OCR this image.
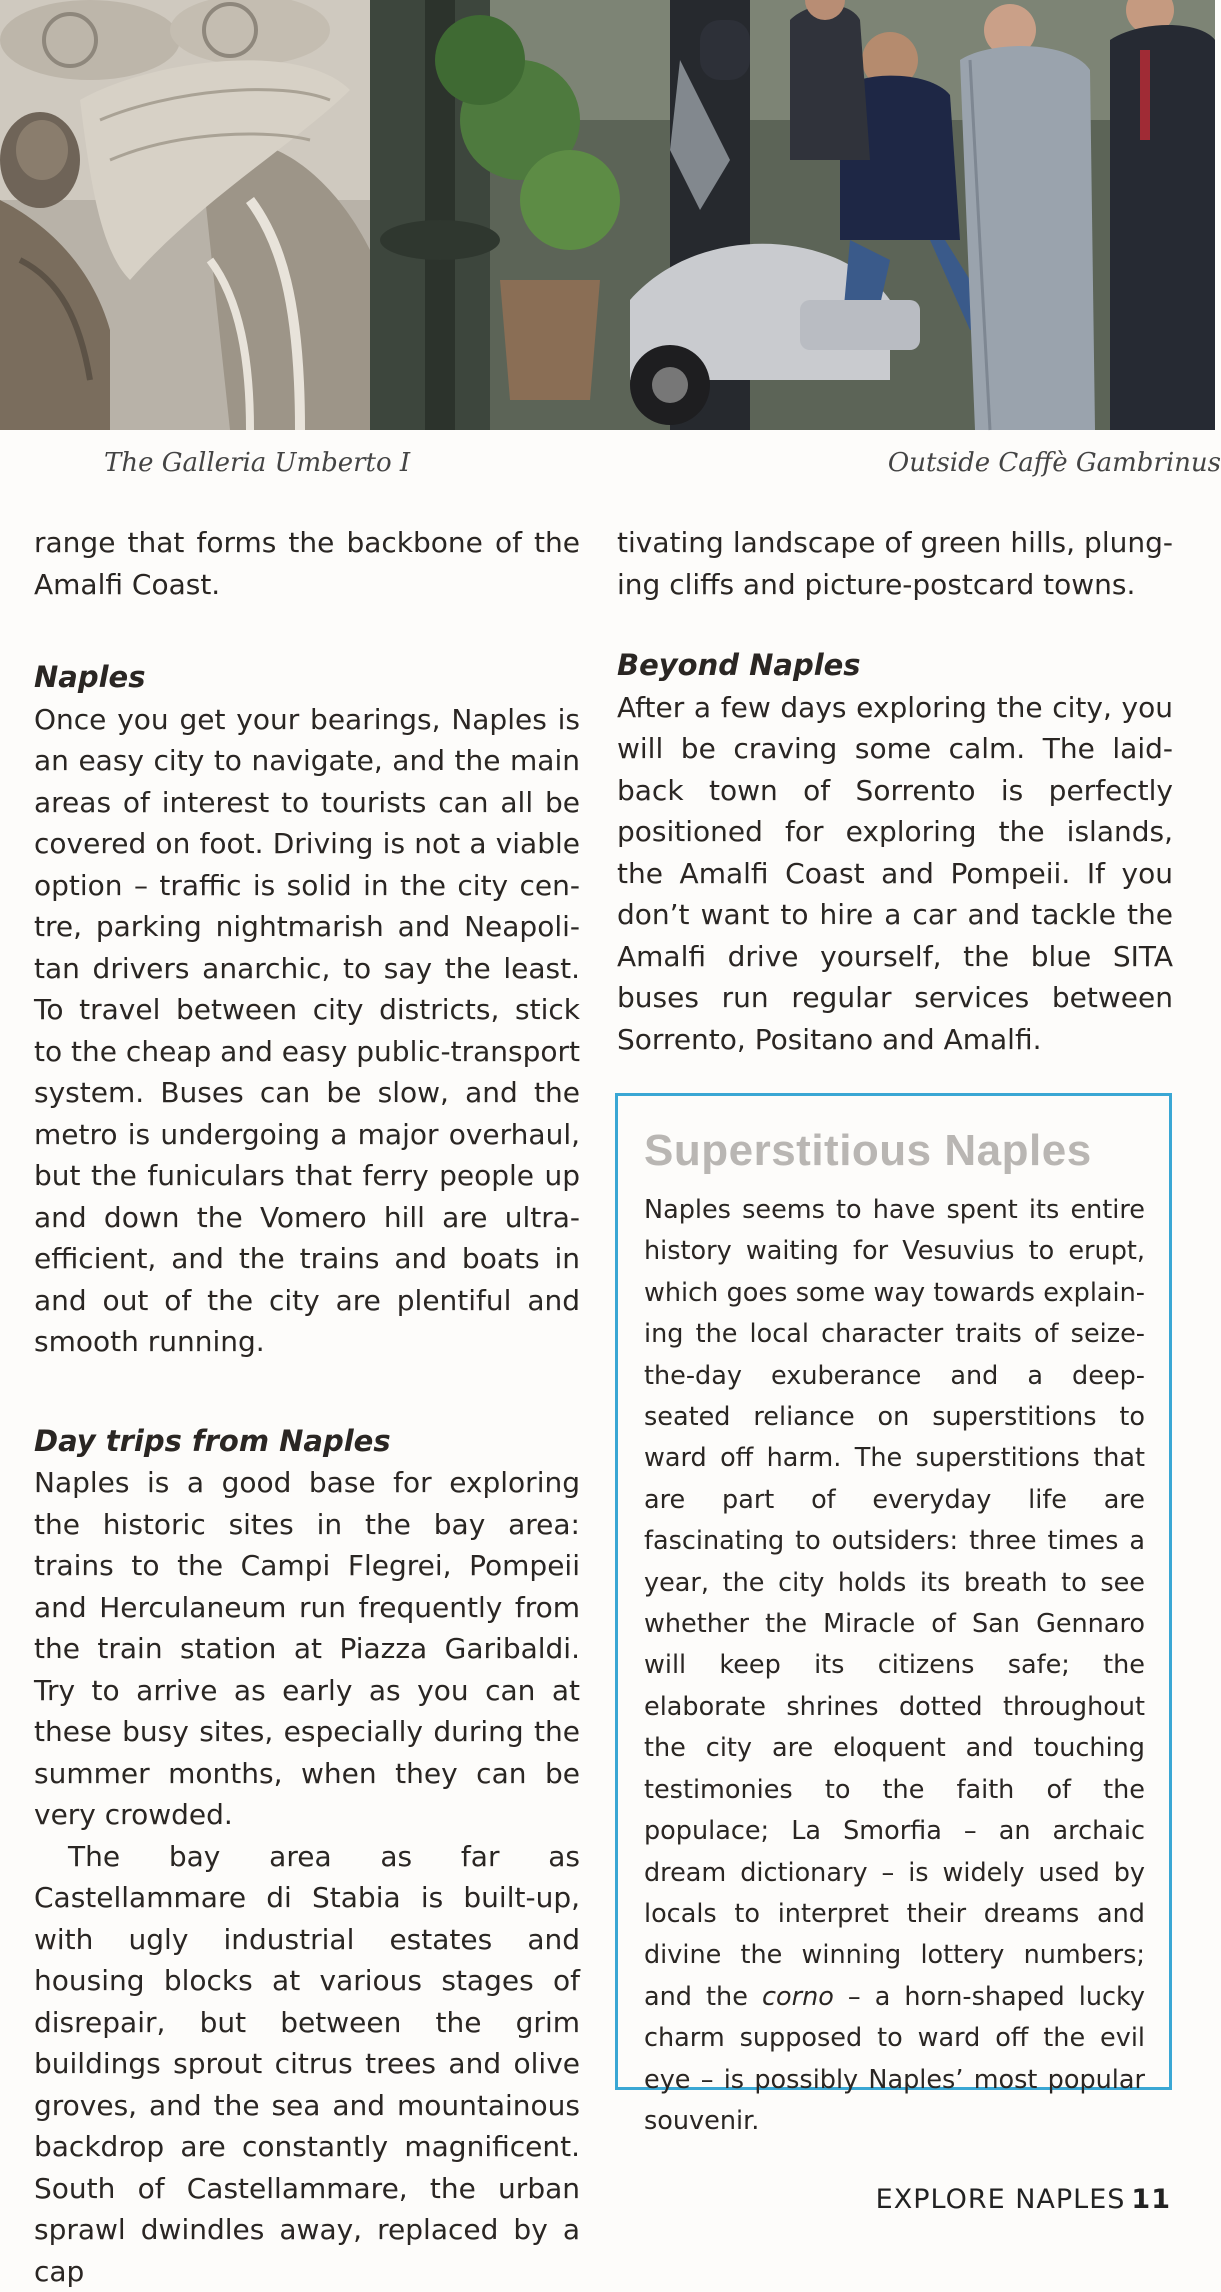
The Galleria Umberto I	Outside Caffè Gambrinus

range that forms the backbone of the Amalfi Coast.

Naples

Once you get your bearings, Naples is an easy city to navigate, and the main areas of interest to tourists can all be covered on foot. Driving is not a viable option – traffic is solid in the city centre, parking nightmarish and Neapolitan drivers anarchic, to say the least. To travel between city districts, stick to the cheap and easy public-transport system. Buses can be slow, and the metro is undergoing a major overhaul, but the funiculars that ferry people up and down the Vomero hill are ultra-efficient, and the trains and boats in and out of the city are plentiful and smooth running.

Day trips from Naples

Naples is a good base for exploring the historic sites in the bay area: trains to the Campi Flegrei, Pompeii and Herculaneum run frequently from the train station at Piazza Garibaldi. Try to arrive as early as you can at these busy sites, especially during the summer months, when they can be very crowded.

The bay area as far as Castellammare di Stabia is built-up, with ugly industrial estates and housing blocks at various stages of disrepair, but between the grim buildings sprout citrus trees and olive groves, and the sea and mountainous backdrop are constantly magnificent. South of Castellammare, the urban sprawl dwindles away, replaced by a cap

tivating landscape of green hills, plunging cliffs and picture-postcard towns.

Beyond Naples

After a few days exploring the city, you will be craving some calm. The laid-back town of Sorrento is perfectly positioned for exploring the islands, the Amalfi Coast and Pompeii. If you don’t want to hire a car and tackle the Amalfi drive yourself, the blue SITA buses run regular services between Sorrento, Positano and Amalfi.

Superstitious Naples

Naples seems to have spent its entire history waiting for Vesuvius to erupt, which goes some way towards explaining the local character traits of seize-the-day exuberance and a deep-seated reliance on superstitions to ward off harm. The superstitions that are part of everyday life are fascinating to outsiders: three times a year, the city holds its breath to see whether the Miracle of San Gennaro will keep its citizens safe; the elaborate shrines dotted throughout the city are eloquent and touching testimonies to the faith of the populace; La Smorfia – an archaic dream dictionary – is widely used by locals to interpret their dreams and divine the winning lottery numbers; and the corno – a horn-shaped lucky charm supposed to ward off the evil eye – is possibly Naples’ most popular souvenir.

EXPLORE NAPLES 11
